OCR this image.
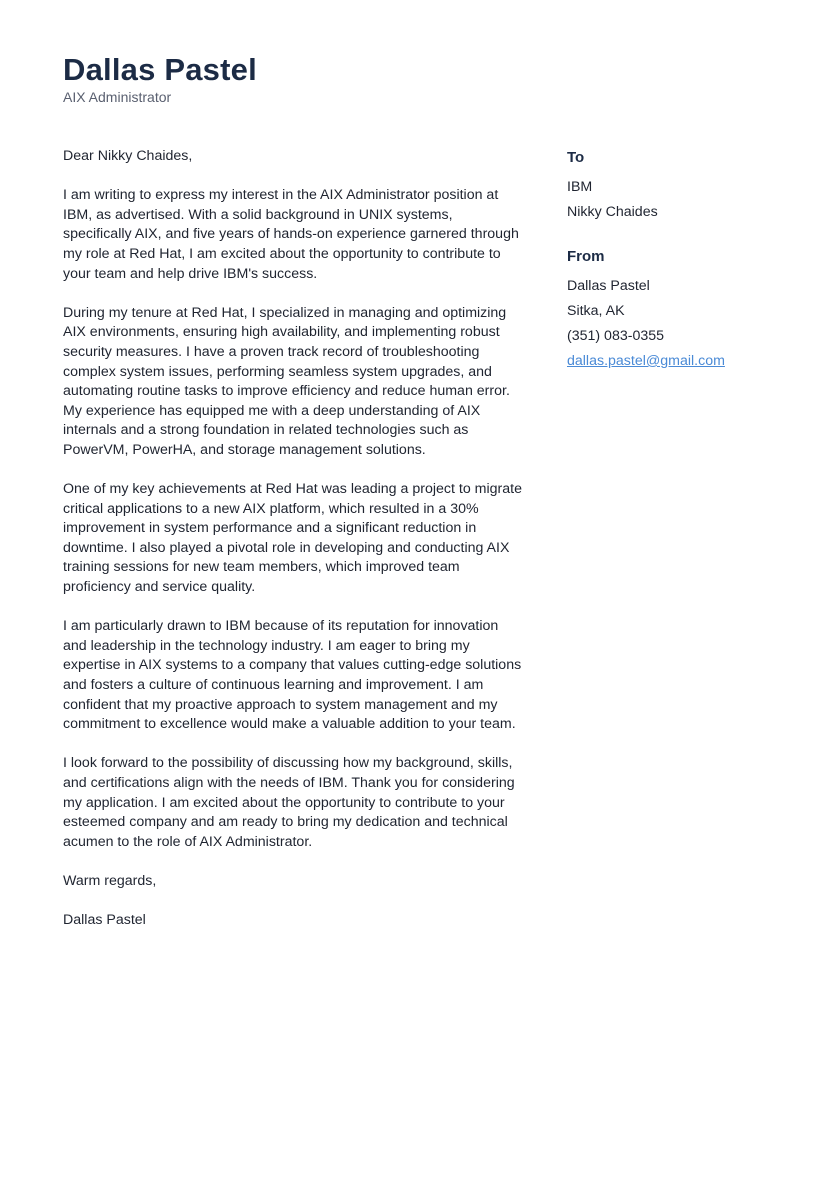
Dallas Pastel
AIX Administrator

Dear Nikky Chaides,

I am writing to express my interest in the AIX Administrator position at IBM, as advertised. With a solid background in UNIX systems, specifically AIX, and five years of hands-on experience garnered through my role at Red Hat, I am excited about the opportunity to contribute to your team and help drive IBM's success.

During my tenure at Red Hat, I specialized in managing and optimizing AIX environments, ensuring high availability, and implementing robust security measures. I have a proven track record of troubleshooting complex system issues, performing seamless system upgrades, and automating routine tasks to improve efficiency and reduce human error. My experience has equipped me with a deep understanding of AIX internals and a strong foundation in related technologies such as PowerVM, PowerHA, and storage management solutions.

One of my key achievements at Red Hat was leading a project to migrate critical applications to a new AIX platform, which resulted in a 30% improvement in system performance and a significant reduction in downtime. I also played a pivotal role in developing and conducting AIX training sessions for new team members, which improved team proficiency and service quality.

I am particularly drawn to IBM because of its reputation for innovation and leadership in the technology industry. I am eager to bring my expertise in AIX systems to a company that values cutting-edge solutions and fosters a culture of continuous learning and improvement. I am confident that my proactive approach to system management and my commitment to excellence would make a valuable addition to your team.

I look forward to the possibility of discussing how my background, skills, and certifications align with the needs of IBM. Thank you for considering my application. I am excited about the opportunity to contribute to your esteemed company and am ready to bring my dedication and technical acumen to the role of AIX Administrator.

Warm regards,

Dallas Pastel

To
IBM
Nikky Chaides
From
Dallas Pastel
Sitka, AK
(351) 083-0355
dallas.pastel@gmail.com
